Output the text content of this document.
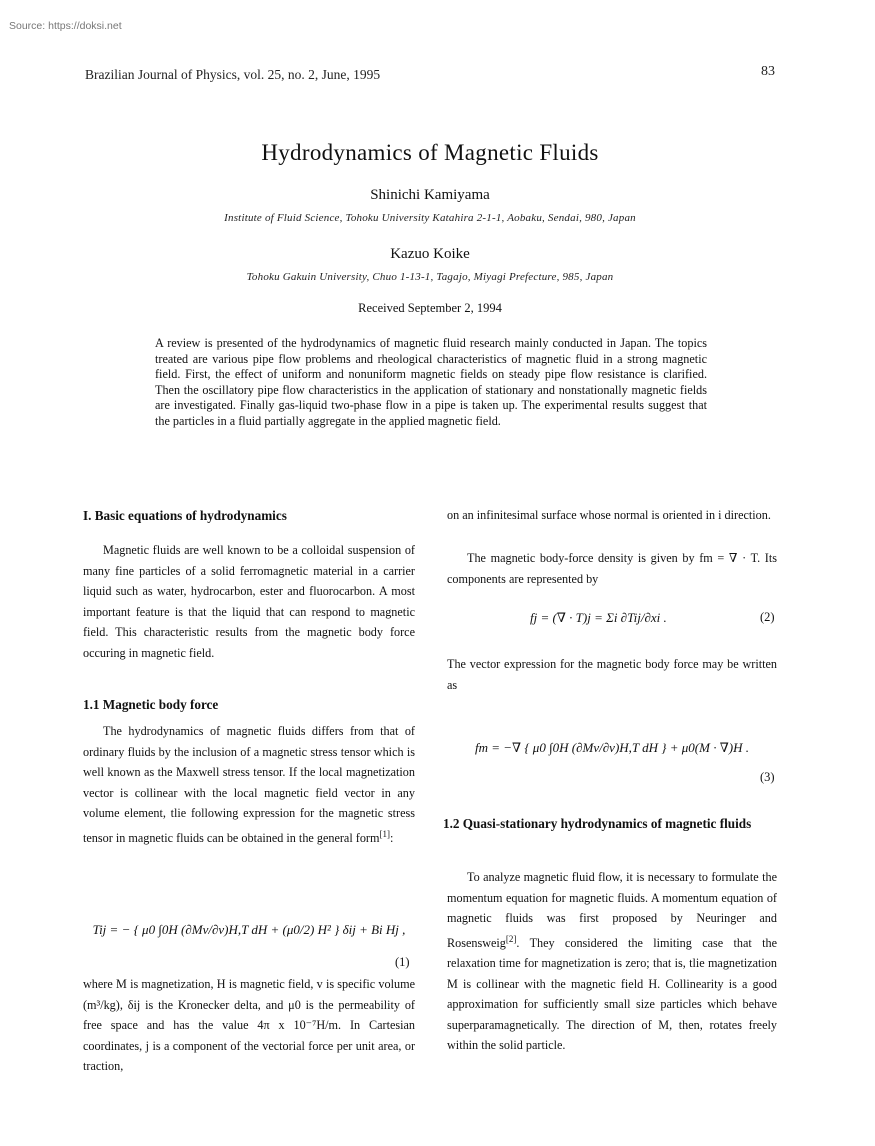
Source: https://doksi.net
Brazilian Journal of Physics, vol. 25, no. 2, June, 1995	83
Hydrodynamics of Magnetic Fluids
Shinichi Kamiyama
Institute of Fluid Science, Tohoku University Katahira 2-1-1, Aobaku, Sendai, 980, Japan
Kazuo Koike
Tohoku Gakuin University, Chuo 1-13-1, Tagajo, Miyagi Prefecture, 985, Japan
Received September 2, 1994
A review is presented of the hydrodynamics of magnetic fluid research mainly conducted in Japan. The topics treated are various pipe flow problems and rheological characteristics of magnetic fluid in a strong magnetic field. First, the effect of uniform and nonuniform magnetic fields on steady pipe flow resistance is clarified. Then the oscillatory pipe flow characteristics in the application of stationary and nonstationally magnetic fields are investigated. Finally gas-liquid two-phase flow in a pipe is taken up. The experimental results suggest that the particles in a fluid partially aggregate in the applied magnetic field.
I. Basic equations of hydrodynamics

Magnetic fluids are well known to be a colloidal suspension of many fine particles of a solid ferromagnetic material in a carrier liquid such as water, hydrocarbon, ester and fluorocarbon. A most important feature is that the liquid that can respond to magnetic field. This characteristic results from the magnetic body force occuring in magnetic field.

1.1 Magnetic body force

The hydrodynamics of magnetic fluids differs from that of ordinary fluids by the inclusion of a magnetic stress tensor which is well known as the Maxwell stress tensor. If the local magnetization vector is collinear with the local magnetic field vector in any volume element, tlie following expression for the magnetic stress tensor in magnetic fluids can be obtained in the general form[1]:

Tij = − { μ0 ∫0H (∂Mv/∂v)H,T dH + (μ0/2) H² } δij + Bi Hj ,
(1)

where M is magnetization, H is magnetic field, v is specific volume (m³/kg), δij is the Kronecker delta, and μ0 is the permeability of free space and has the value 4π x 10⁻⁷H/m. In Cartesian coordinates, j is a component of the vectorial force per unit area, or traction,

on an infinitesimal surface whose normal is oriented in i direction.

The magnetic body-force density is given by fm = ∇ · T. Its components are represented by

fj = (∇ · T)j = Σi ∂Tij/∂xi .	(2)

The vector expression for the magnetic body force may be written as

fm = −∇ { μ0 ∫0H (∂Mv/∂v)H,T dH } + μ0(M · ∇)H .
(3)
1.2 Quasi-stationary hydrodynamics of magnetic fluids

To analyze magnetic fluid flow, it is necessary to formulate the momentum equation for magnetic fluids. A momentum equation of magnetic fluids was first proposed by Neuringer and Rosensweig[2]. They considered the limiting case that the relaxation time for magnetization is zero; that is, tlie magnetization M is collinear with the magnetic field H. Collinearity is a good approximation for sufficiently small size particles which behave superparamagnetically. The direction of M, then, rotates freely within the solid particle.
